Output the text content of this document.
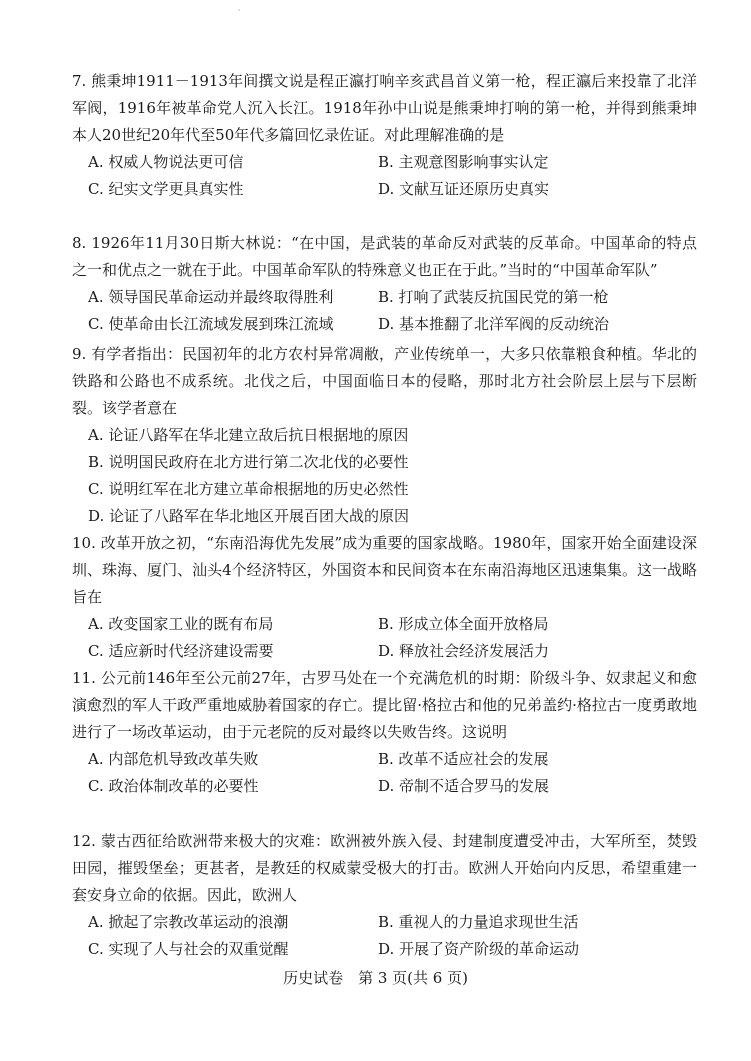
·

7. 熊秉坤1911－1913年间撰文说是程正瀛打响辛亥武昌首义第一枪，程正瀛后来投靠了北洋军阀，1916年被革命党人沉入长江。1918年孙中山说是熊秉坤打响的第一枪，并得到熊秉坤本人20世纪20年代至50年代多篇回忆录佐证。对此理解准确的是

A. 权威人物说法更可信	B. 主观意图影响事实认定
C. 纪实文学更具真实性	D. 文献互证还原历史真实

8. 1926年11月30日斯大林说：“在中国，是武装的革命反对武装的反革命。中国革命的特点之一和优点之一就在于此。中国革命军队的特殊意义也正在于此。”当时的“中国革命军队”

A. 领导国民革命运动并最终取得胜利	B. 打响了武装反抗国民党的第一枪
C. 使革命由长江流域发展到珠江流域	D. 基本推翻了北洋军阀的反动统治

9. 有学者指出：民国初年的北方农村异常凋敝，产业传统单一，大多只依靠粮食种植。华北的铁路和公路也不成系统。北伐之后，中国面临日本的侵略，那时北方社会阶层上层与下层断裂。该学者意在

A. 论证八路军在华北建立敌后抗日根据地的原因
B. 说明国民政府在北方进行第二次北伐的必要性
C. 说明红军在北方建立革命根据地的历史必然性
D. 论证了八路军在华北地区开展百团大战的原因

10. 改革开放之初，“东南沿海优先发展”成为重要的国家战略。1980年，国家开始全面建设深圳、珠海、厦门、汕头4个经济特区，外国资本和民间资本在东南沿海地区迅速集集。这一战略旨在

A. 改变国家工业的既有布局	B. 形成立体全面开放格局
C. 适应新时代经济建设需要	D. 释放社会经济发展活力

11. 公元前146年至公元前27年，古罗马处在一个充满危机的时期：阶级斗争、奴隶起义和愈演愈烈的军人干政严重地威胁着国家的存亡。提比留·格拉古和他的兄弟盖约·格拉古一度勇敢地进行了一场改革运动，由于元老院的反对最终以失败告终。这说明

A. 内部危机导致改革失败	B. 改革不适应社会的发展
C. 政治体制改革的必要性	D. 帝制不适合罗马的发展

12. 蒙古西征给欧洲带来极大的灾难：欧洲被外族入侵、封建制度遭受冲击，大军所至，焚毁田园，摧毁堡垒；更甚者，是教廷的权威蒙受极大的打击。欧洲人开始向内反思，希望重建一套安身立命的依据。因此，欧洲人

A. 掀起了宗教改革运动的浪潮	B. 重视人的力量追求现世生活
C. 实现了人与社会的双重觉醒	D. 开展了资产阶级的革命运动
历史试卷　第 3 页(共 6 页)
